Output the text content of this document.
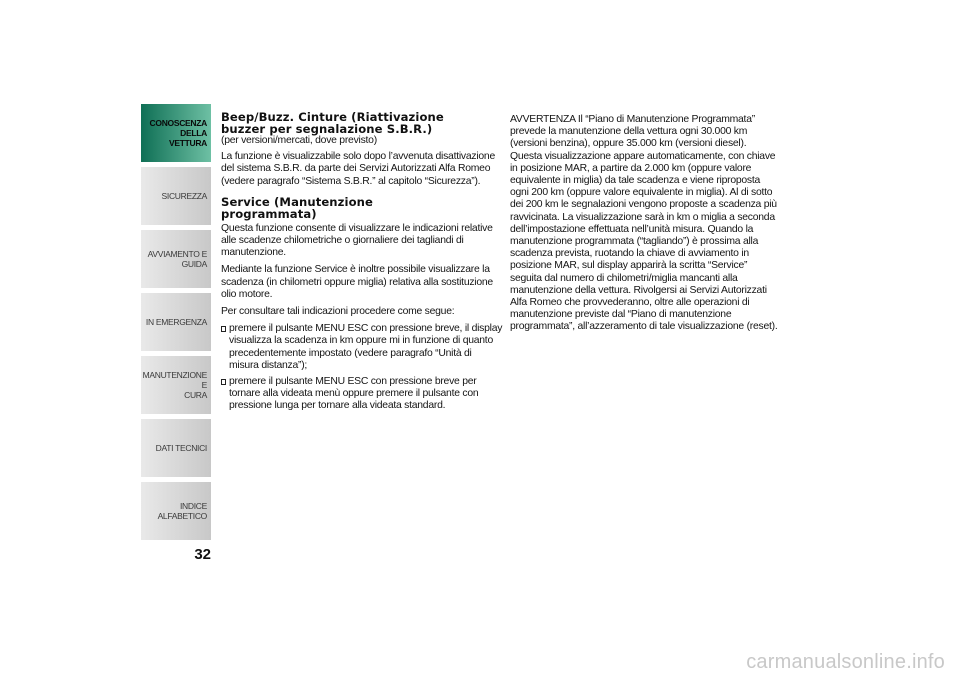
CONOSCENZA
DELLA VETTURA
SICUREZZA
AVVIAMENTO E
GUIDA
IN EMERGENZA
MANUTENZIONE E
CURA
DATI TECNICI
INDICE ALFABETICO
32
Beep/Buzz. Cinture (Riattivazione
buzzer per segnalazione S.B.R.)

(per versioni/mercati, dove previsto)

La funzione è visualizzabile solo dopo l’avvenuta disattivazione del sistema S.B.R. da parte dei Servizi Autorizzati Alfa Romeo (vedere paragrafo “Sistema S.B.R.” al capitolo “Sicurezza”).

Service (Manutenzione
programmata)

Questa funzione consente di visualizzare le indicazioni relative alle scadenze chilometriche o giornaliere dei tagliandi di manutenzione.

Mediante la funzione Service è inoltre possibile visualizzare la scadenza (in chilometri oppure miglia) relativa alla sostituzione olio motore.

Per consultare tali indicazioni procedere come segue:

premere il pulsante MENU ESC con pressione breve, il display visualizza la scadenza in km oppure mi in funzione di quanto precedentemente impostato (vedere paragrafo “Unità di misura distanza”);
premere il pulsante MENU ESC con pressione breve per tornare alla videata menù oppure premere il pulsante con pressione lunga per tornare alla videata standard.

AVVERTENZA Il “Piano di Manutenzione Programmata” prevede la manutenzione della vettura ogni 30.000 km (versioni benzina), oppure 35.000 km (versioni diesel). Questa visualizzazione appare automaticamente, con chiave in posizione MAR, a partire da 2.000 km (oppure valore equivalente in miglia) da tale scadenza e viene riproposta ogni 200 km (oppure valore equivalente in miglia). Al di sotto dei 200 km le segnalazioni vengono proposte a scadenza più ravvicinata. La visualizzazione sarà in km o miglia a seconda dell’impostazione effettuata nell’unità misura. Quando la manutenzione programmata (“tagliando”) è prossima alla scadenza prevista, ruotando la chiave di avviamento in posizione MAR, sul display apparirà la scritta “Service” seguita dal numero di chilometri/miglia mancanti alla manutenzione della vettura. Rivolgersi ai Servizi Autorizzati Alfa Romeo che provvederanno, oltre alle operazioni di manutenzione previste dal “Piano di manutenzione programmata”, all’azzeramento di tale visualizzazione (reset).

carmanualsonline.info
